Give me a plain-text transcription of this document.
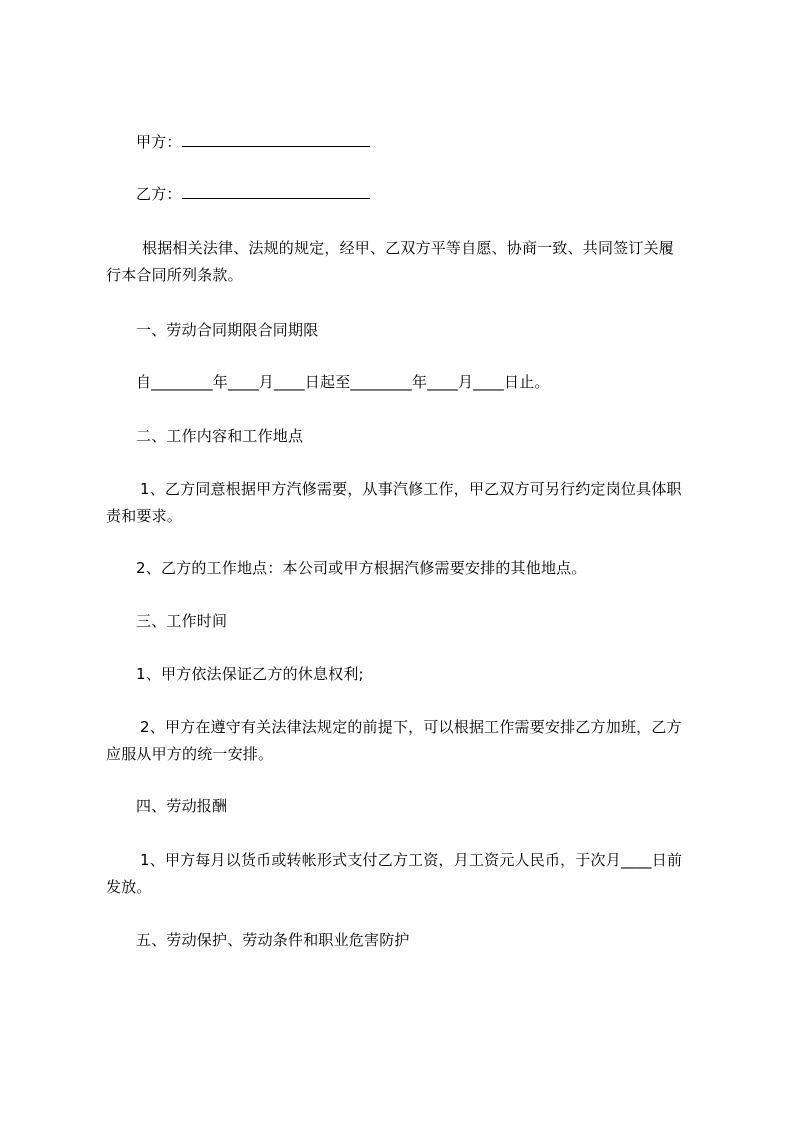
甲方：
乙方：
根据相关法律、法规的规定，经甲、乙双方平等自愿、协商一致、共同签订关履
行本合同所列条款。
一、劳动合同期限合同期限
自________年____月____日起至________年____月____日止。
二、工作内容和工作地点
1、乙方同意根据甲方汽修需要，从事汽修工作，甲乙双方可另行约定岗位具体职
责和要求。
2、乙方的工作地点：本公司或甲方根据汽修需要安排的其他地点。
三、工作时间
1、甲方依法保证乙方的休息权利;
2、甲方在遵守有关法律法规定的前提下，可以根据工作需要安排乙方加班，乙方
应服从甲方的统一安排。
四、劳动报酬
1、甲方每月以货币或转帐形式支付乙方工资，月工资元人民币，于次月____日前
发放。
五、劳动保护、劳动条件和职业危害防护
